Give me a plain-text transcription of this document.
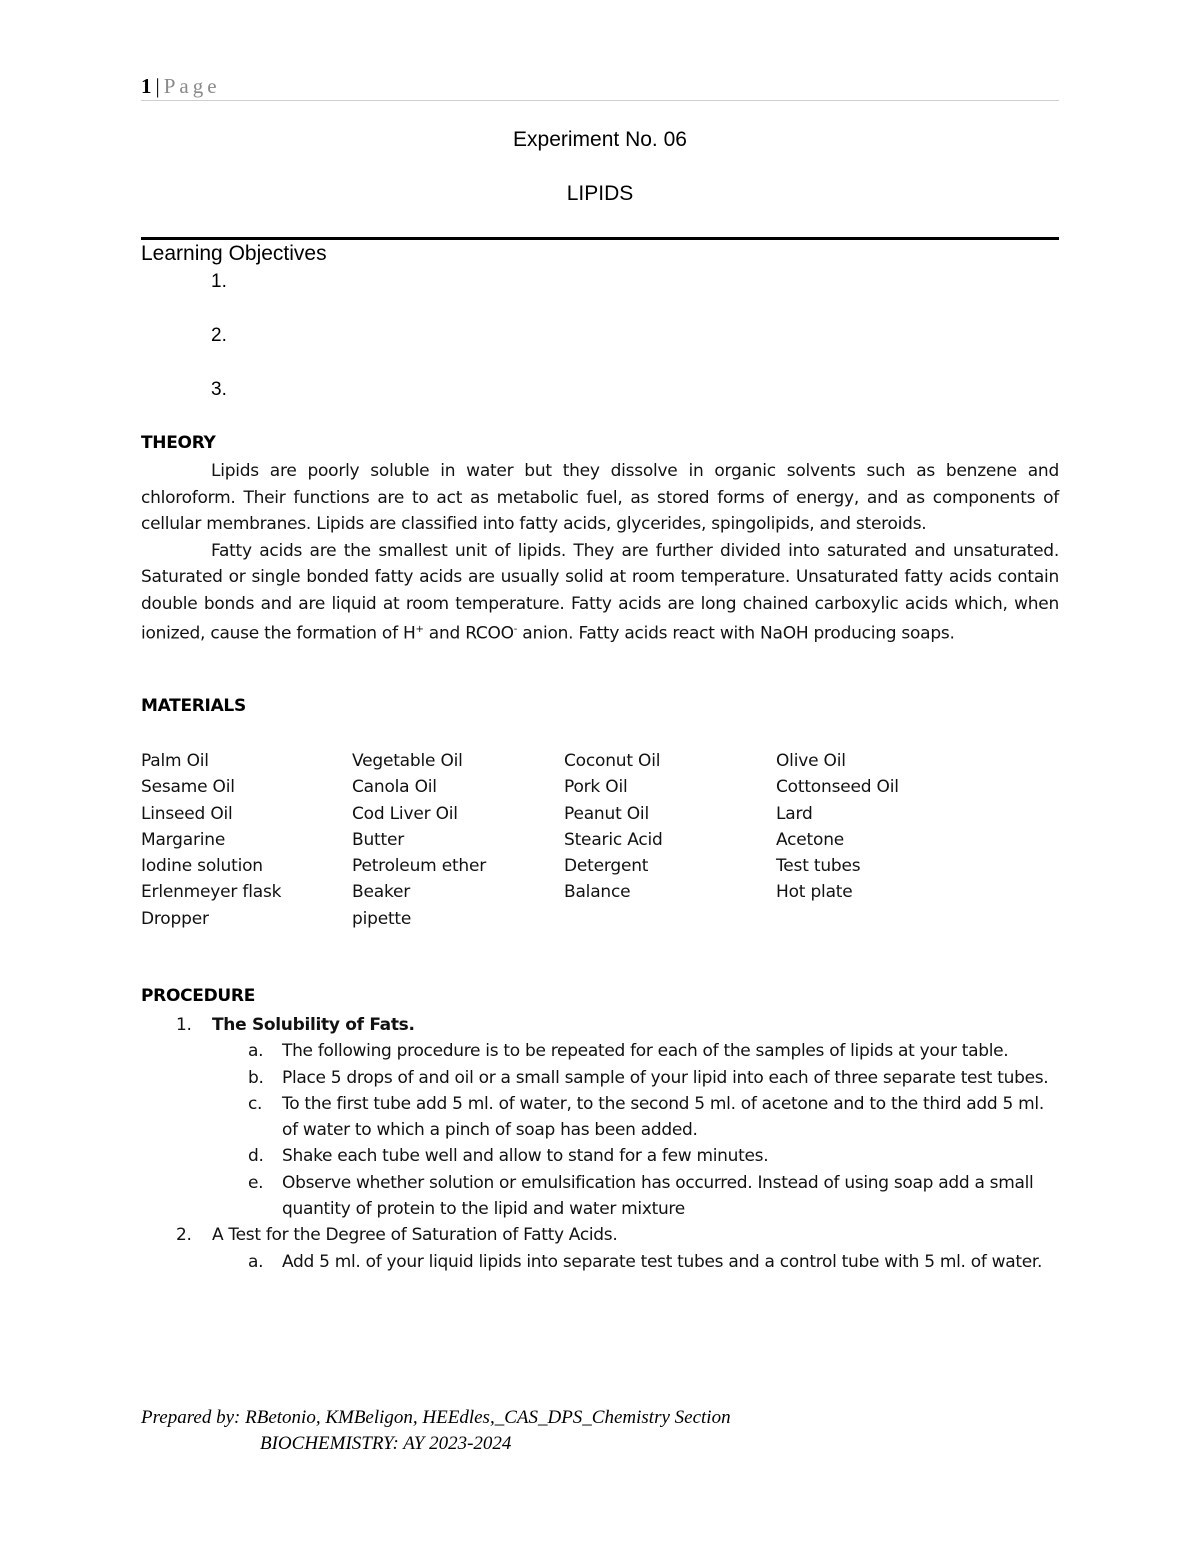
1 | Page
Experiment No. 06
LIPIDS
Learning Objectives
1.
2.
3.
THEORY

Lipids are poorly soluble in water but they dissolve in organic solvents such as benzene and chloroform. Their functions are to act as metabolic fuel, as stored forms of energy, and as components of cellular membranes. Lipids are classified into fatty acids, glycerides, spingolipids, and steroids.

Fatty acids are the smallest unit of lipids. They are further divided into saturated and unsaturated. Saturated or single bonded fatty acids are usually solid at room temperature. Unsaturated fatty acids contain double bonds and are liquid at room temperature. Fatty acids are long chained carboxylic acids which, when ionized, cause the formation of H+ and RCOO- anion. Fatty acids react with NaOH producing soaps.

MATERIALS
Palm Oil	Vegetable Oil	Coconut Oil	Olive Oil
Sesame Oil	Canola Oil	Pork Oil	Cottonseed Oil
Linseed Oil	Cod Liver Oil	Peanut Oil	Lard
Margarine	Butter	Stearic Acid	Acetone
Iodine solution	Petroleum ether	Detergent	Test tubes
Erlenmeyer flask	Beaker	Balance	Hot plate
Dropper	pipette
PROCEDURE
1. The Solubility of Fats.
a. The following procedure is to be repeated for each of the samples of lipids at your table.
b. Place 5 drops of and oil or a small sample of your lipid into each of three separate test tubes.
c. To the first tube add 5 ml. of water, to the second 5 ml. of acetone and to the third add 5 ml. of water to which a pinch of soap has been added.
d. Shake each tube well and allow to stand for a few minutes.
e. Observe whether solution or emulsification has occurred. Instead of using soap add a small quantity of protein to the lipid and water mixture
2. A Test for the Degree of Saturation of Fatty Acids.
a. Add 5 ml. of your liquid lipids into separate test tubes and a control tube with 5 ml. of water.
Prepared by: RBetonio, KMBeligon, HEEdles,_CAS_DPS_Chemistry Section
BIOCHEMISTRY: AY 2023-2024
